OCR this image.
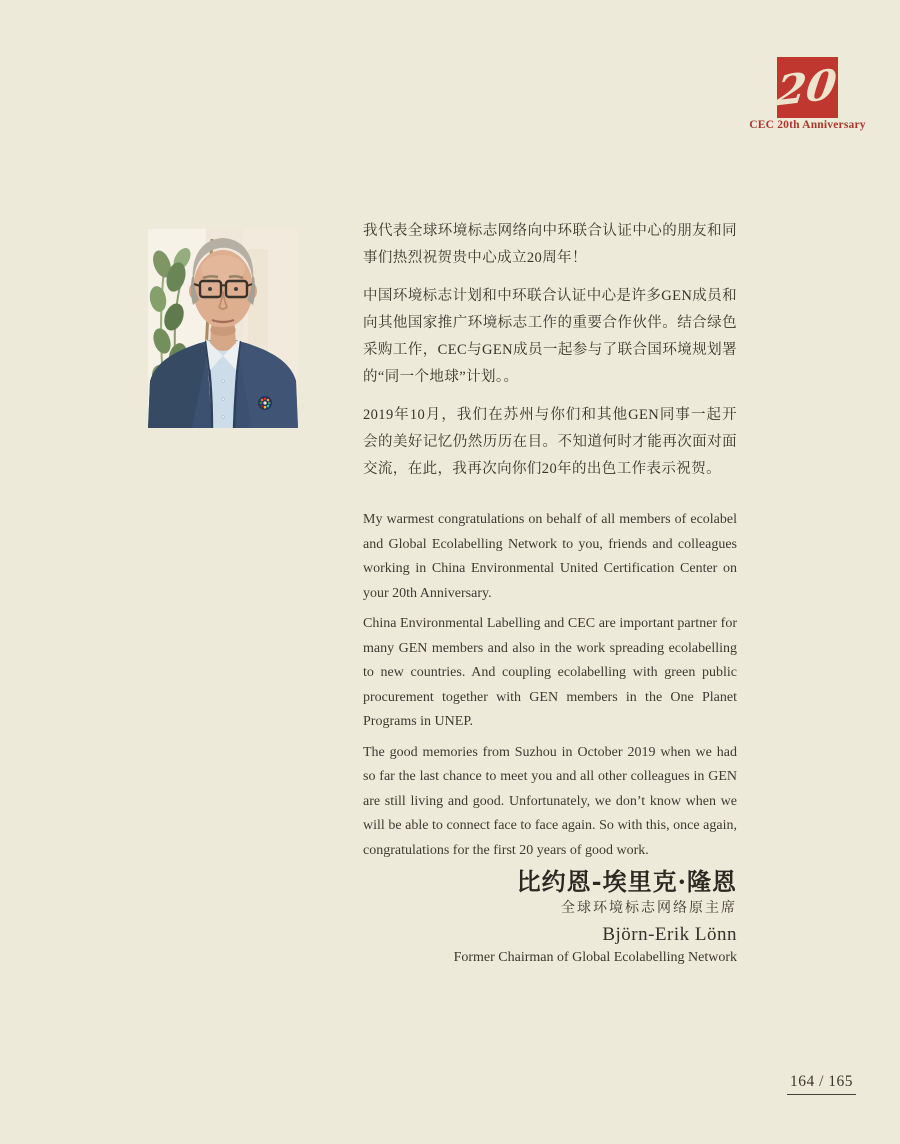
20
CEC 20th Anniversary

我代表全球环境标志网络向中环联合认证中心的朋友和同事们热烈祝贺贵中心成立20周年！

中国环境标志计划和中环联合认证中心是许多GEN成员和向其他国家推广环境标志工作的重要合作伙伴。结合绿色采购工作，CEC与GEN成员一起参与了联合国环境规划署的“同一个地球”计划。。

2019年10月，我们在苏州与你们和其他GEN同事一起开会的美好记忆仍然历历在目。不知道何时才能再次面对面交流，在此，我再次向你们20年的出色工作表示祝贺。

My warmest congratulations on behalf of all members of ecolabel and Global Ecolabelling Network to you, friends and colleagues working in China Environmental United Certification Center on your 20th Anniversary.

China Environmental Labelling and CEC are important partner for many GEN members and also in the work spreading ecolabelling to new countries. And coupling ecolabelling with green public procurement together with GEN members in the One Planet Programs in UNEP.

The good memories from Suzhou in October 2019 when we had so far the last chance to meet you and all other colleagues in GEN are still living and good. Unfortunately, we don’t know when we will be able to connect face to face again. So with this, once again, congratulations for the first 20 years of good work.

比约恩-埃里克·隆恩
全球环境标志网络原主席
Björn-Erik Lönn
Former Chairman of Global Ecolabelling Network
164 / 165
